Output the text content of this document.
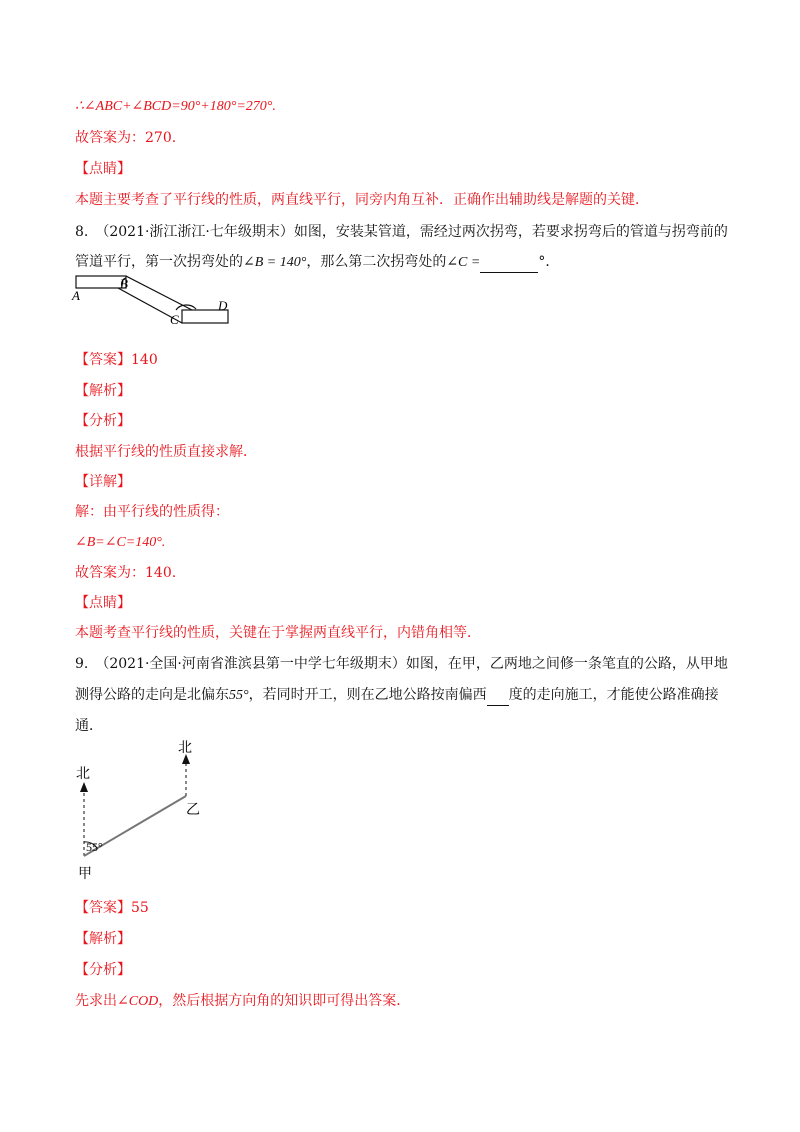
∴∠ABC+∠BCD=90°+180°=270°.
故答案为：270.
【点睛】
本题主要考查了平行线的性质，两直线平行，同旁内角互补．正确作出辅助线是解题的关键．
8.　（2021·浙江浙江·七年级期末）如图，安装某管道，需经过两次拐弯，若要求拐弯后的管道与拐弯前的
管道平行，第一次拐弯处的∠B = 140°，那么第二次拐弯处的∠C =	°．
A
B
C
D
【答案】140
【解析】
【分析】
根据平行线的性质直接求解．
【详解】
解：由平行线的性质得：
∠B=∠C=140°.
故答案为：140.
【点睛】
本题考查平行线的性质，关键在于掌握两直线平行，内错角相等．
9.　（2021·全国·河南省淮滨县第一中学七年级期末）如图，在甲，乙两地之间修一条笔直的公路，从甲地
测得公路的走向是北偏东55°，若同时开工，则在乙地公路按南偏西 度的走向施工，才能使公路准确接
通．
北
北
55°
甲
乙
【答案】55
【解析】
【分析】
先求出∠COD，然后根据方向角的知识即可得出答案．
